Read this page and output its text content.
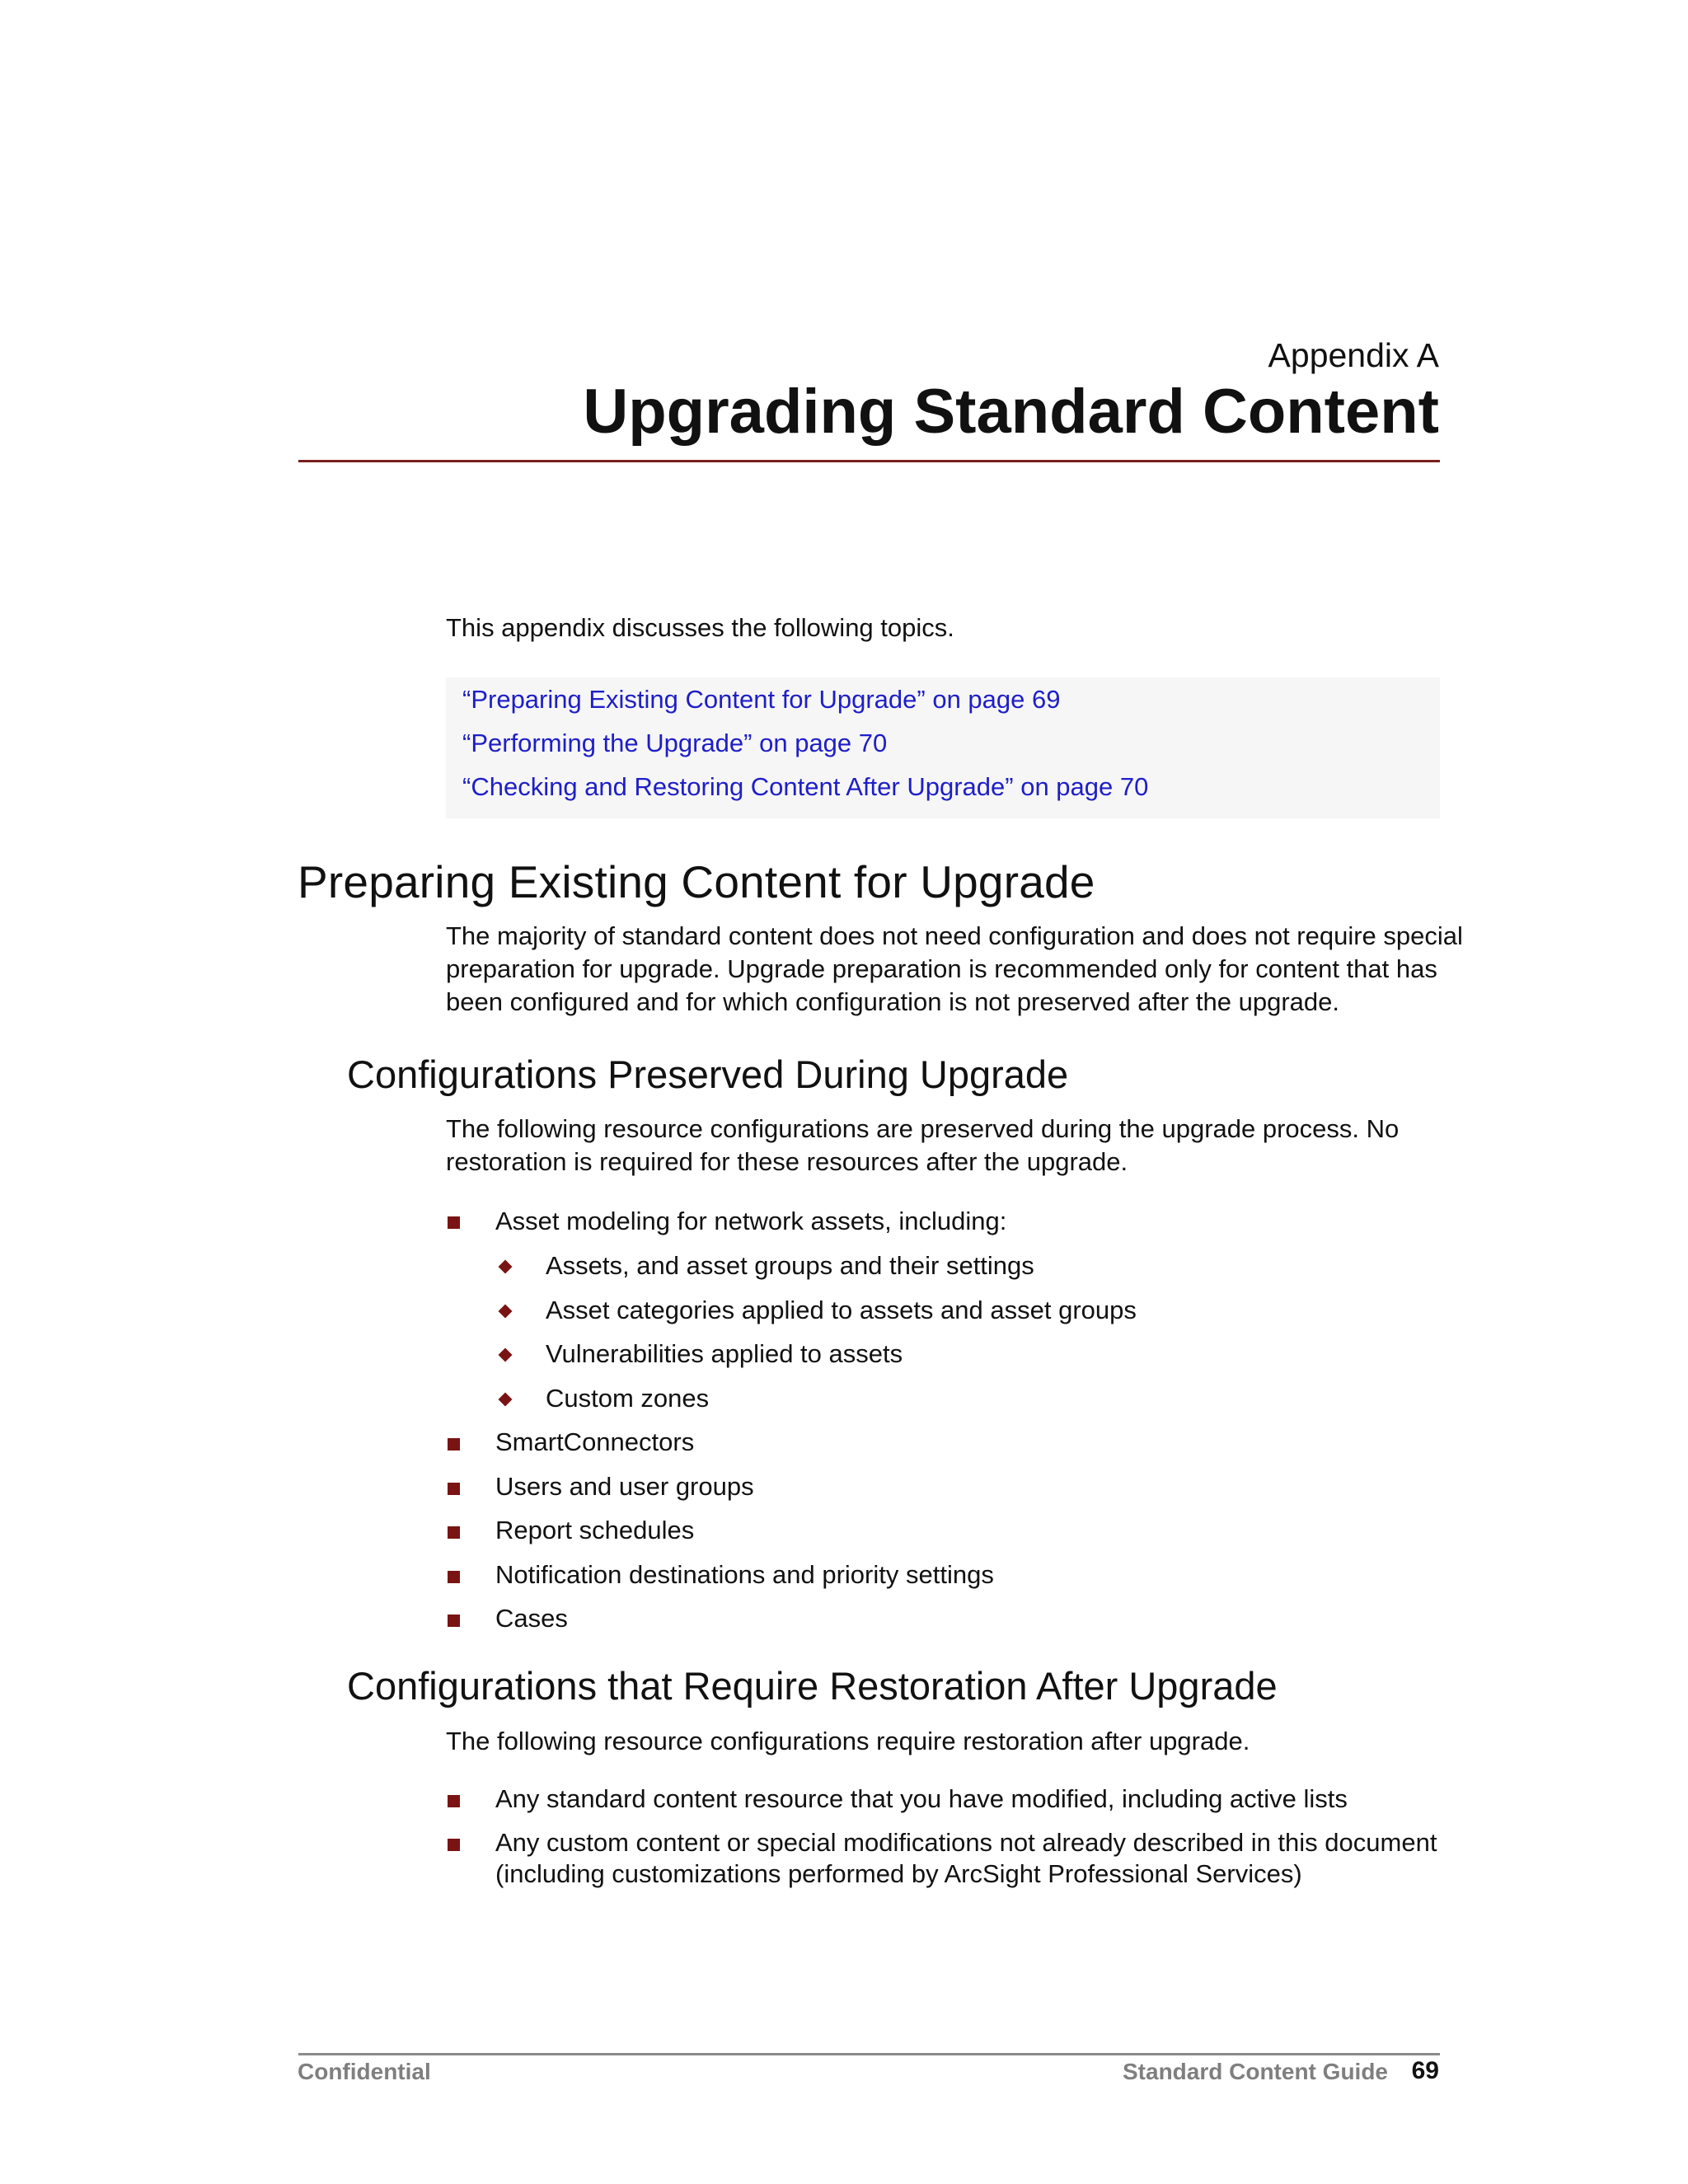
Appendix A
Upgrading Standard Content
This appendix discusses the following topics.
“Preparing Existing Content for Upgrade” on page 69
“Performing the Upgrade” on page 70
“Checking and Restoring Content After Upgrade” on page 70
Preparing Existing Content for Upgrade
The majority of standard content does not need configuration and does not require special
preparation for upgrade. Upgrade preparation is recommended only for content that has
been configured and for which configuration is not preserved after the upgrade.
Configurations Preserved During Upgrade
The following resource configurations are preserved during the upgrade process. No
restoration is required for these resources after the upgrade.
Asset modeling for network assets, including:
Assets, and asset groups and their settings
Asset categories applied to assets and asset groups
Vulnerabilities applied to assets
Custom zones
SmartConnectors
Users and user groups
Report schedules
Notification destinations and priority settings
Cases
Configurations that Require Restoration After Upgrade
The following resource configurations require restoration after upgrade.
Any standard content resource that you have modified, including active lists
Any custom content or special modifications not already described in this document
(including customizations performed by ArcSight Professional Services)
Confidential	Standard Content Guide 69
